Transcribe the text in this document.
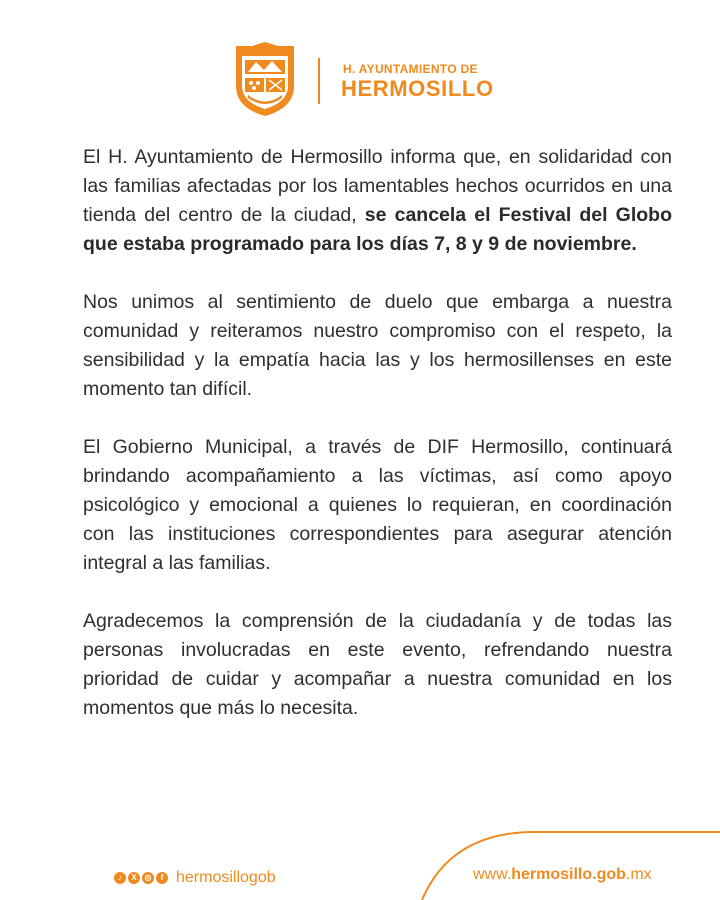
H. AYUNTAMIENTO DE
HERMOSILLO

El H. Ayuntamiento de Hermosillo informa que, en solidaridad con las familias afectadas por los lamentables hechos ocurridos en una tienda del centro de la ciudad, se cancela el Festival del Globo que estaba programado para los días 7, 8 y 9 de noviembre.

Nos unimos al sentimiento de duelo que embarga a nuestra comunidad y reiteramos nuestro compromiso con el respeto, la sensibilidad y la empatía hacia las y los hermosillenses en este momento tan difícil.

El Gobierno Municipal, a través de DIF Hermosillo, continuará brindando acompañamiento a las víctimas, así como apoyo psicológico y emocional a quienes lo requieran, en coordinación con las instituciones correspondientes para asegurar atención integral a las familias.

Agradecemos la comprensión de la ciudadanía y de todas las personas involucradas en este evento, refrendando nuestra prioridad de cuidar y acompañar a nuestra comunidad en los momentos que más lo necesita.

♪	X ◎	f hermosillogob	www.hermosillo.gob.mx
